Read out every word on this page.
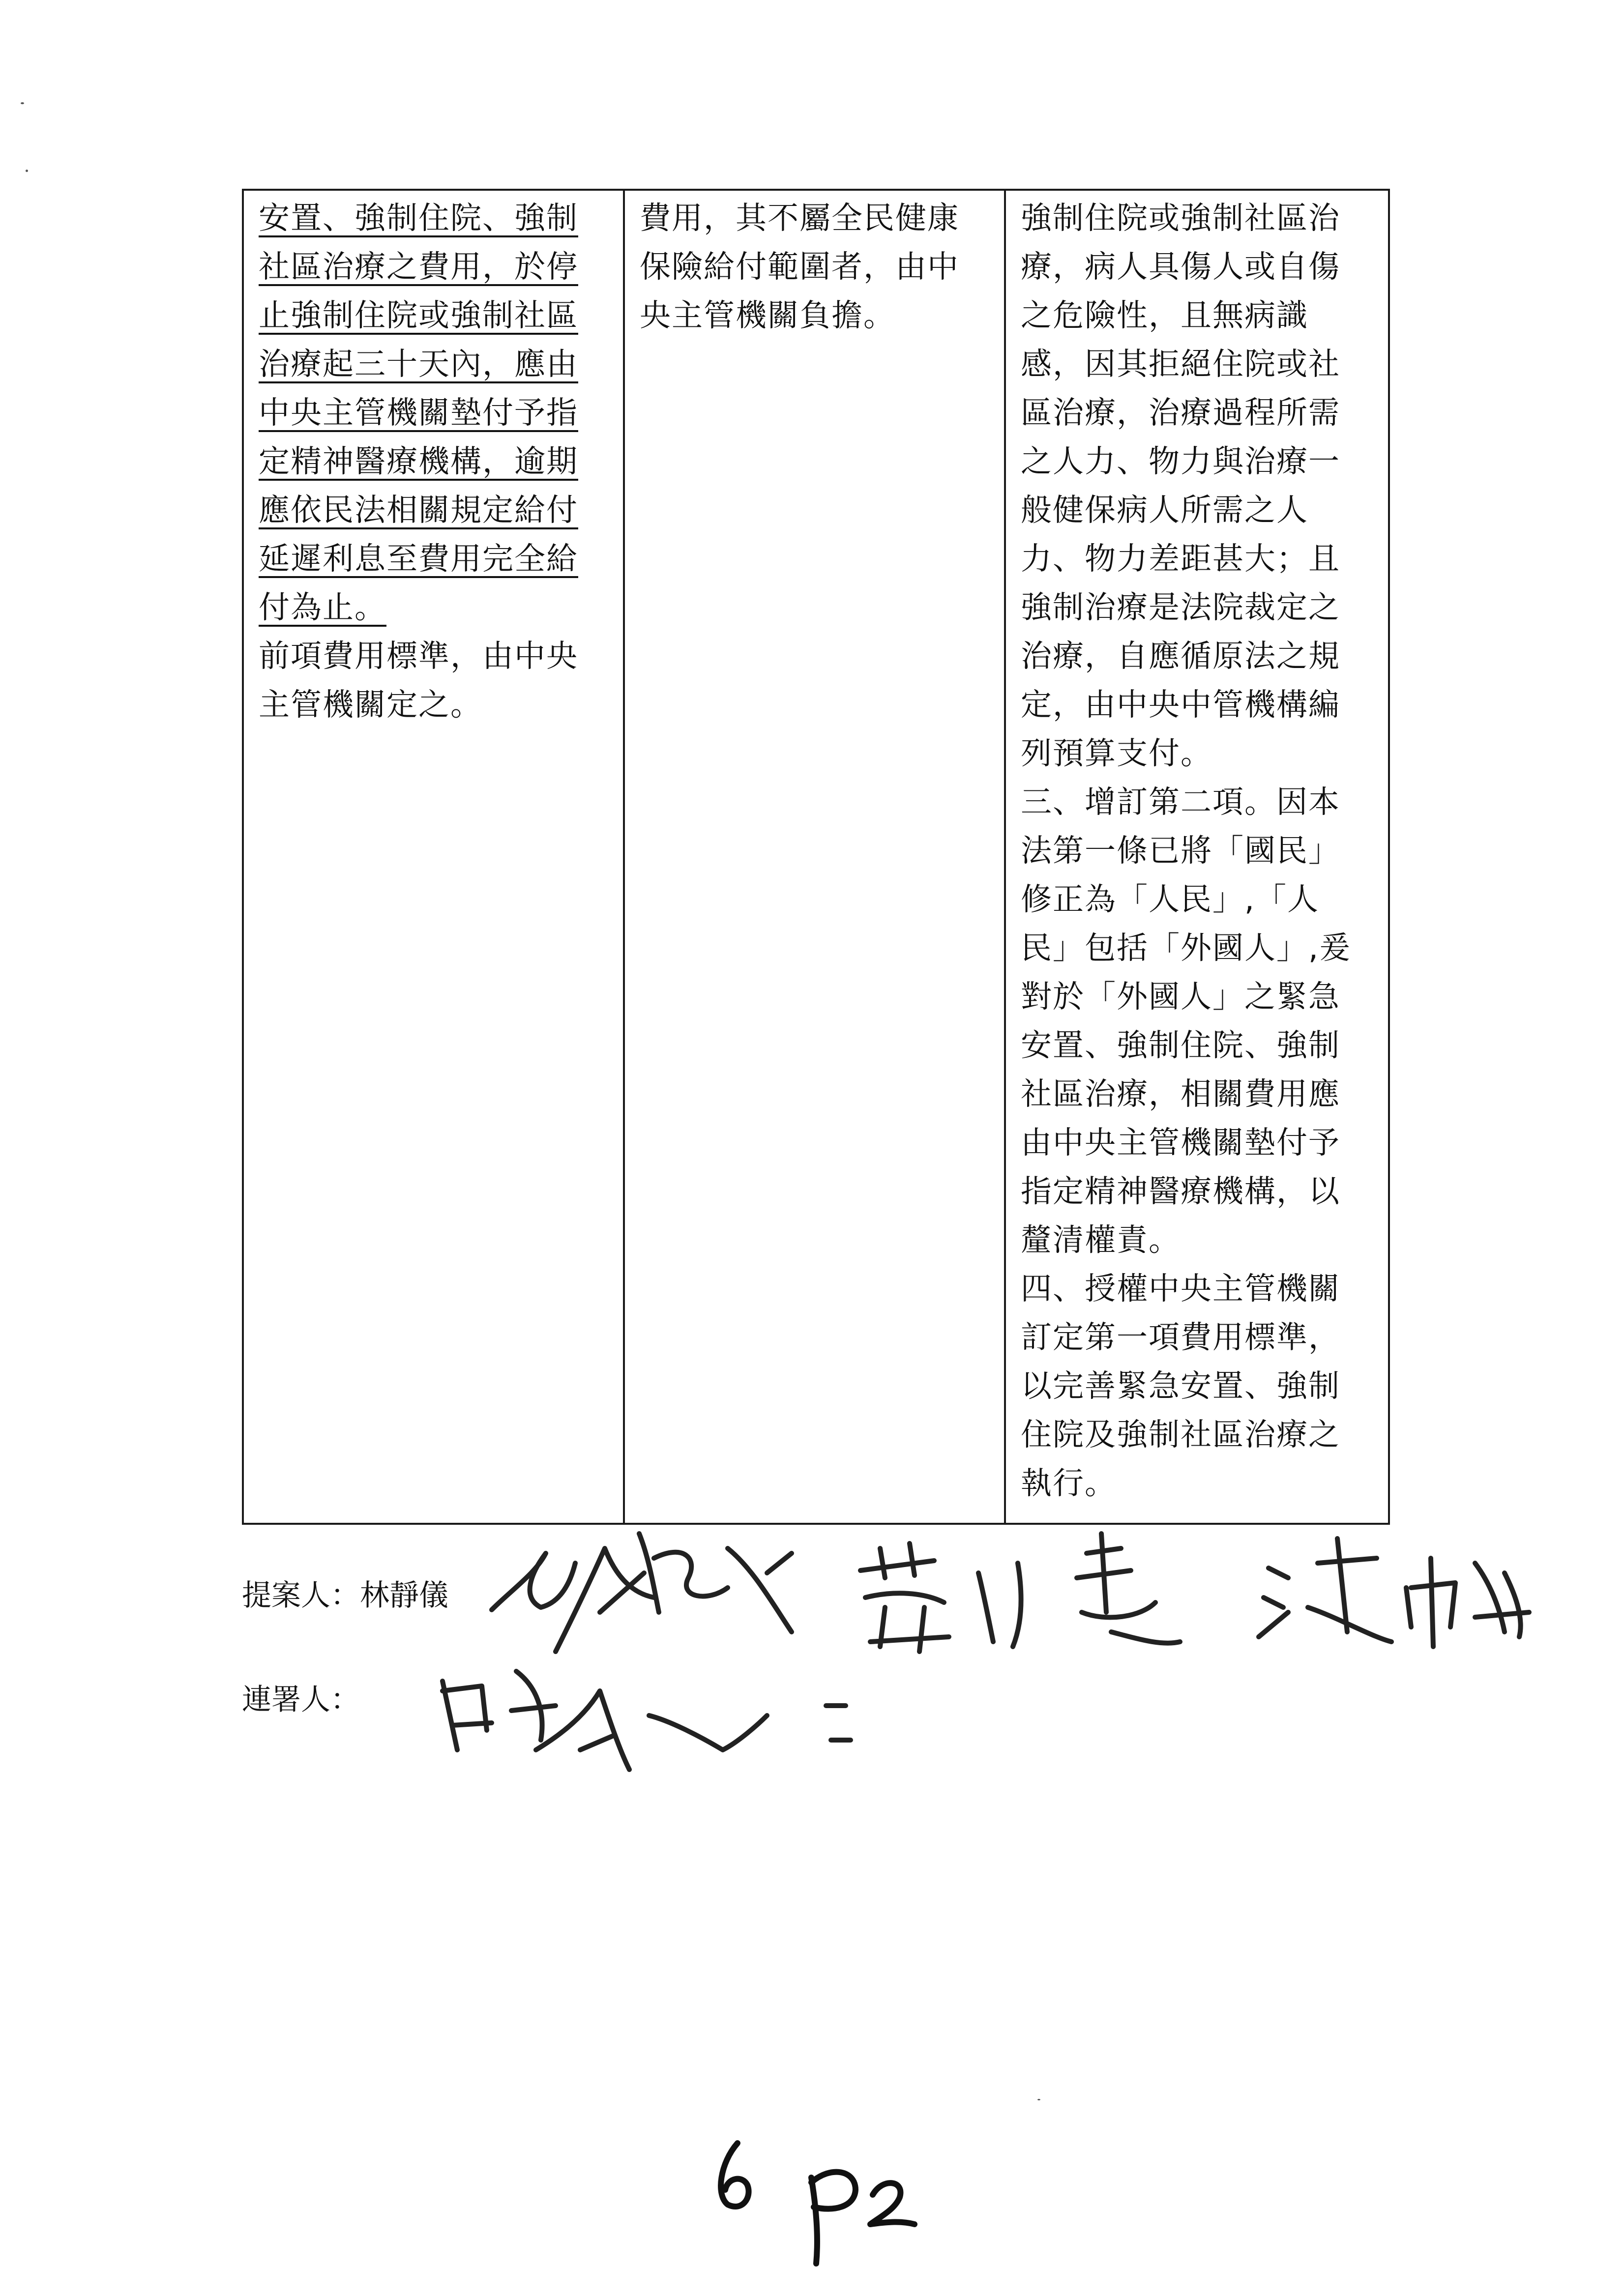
安置、強制住院、強制
社區治療之費用，於停
止強制住院或強制社區
治療起三十天內，應由
中央主管機關墊付予指
定精神醫療機構，逾期
應依民法相關規定給付
延遲利息至費用完全給
付為止。
前項費用標準，由中央
主管機關定之。
費用，其不屬全民健康
保險給付範圍者，由中
央主管機關負擔。
強制住院或強制社區治
療，病人具傷人或自傷
之危險性，且無病識
感，因其拒絕住院或社
區治療，治療過程所需
之人力、物力與治療一
般健保病人所需之人
力、物力差距甚大；且
強制治療是法院裁定之
治療，自應循原法之規
定，由中央中管機構編
列預算支付。
三、增訂第二項。因本
法第一條已將「國民」
修正為「人民」,「人
民」包括「外國人」,爰
對於「外國人」之緊急
安置、強制住院、強制
社區治療，相關費用應
由中央主管機關墊付予
指定精神醫療機構，以
釐清權責。
四、授權中央主管機關
訂定第一項費用標準，
以完善緊急安置、強制
住院及強制社區治療之
執行。
提案人：林靜儀
連署人：
